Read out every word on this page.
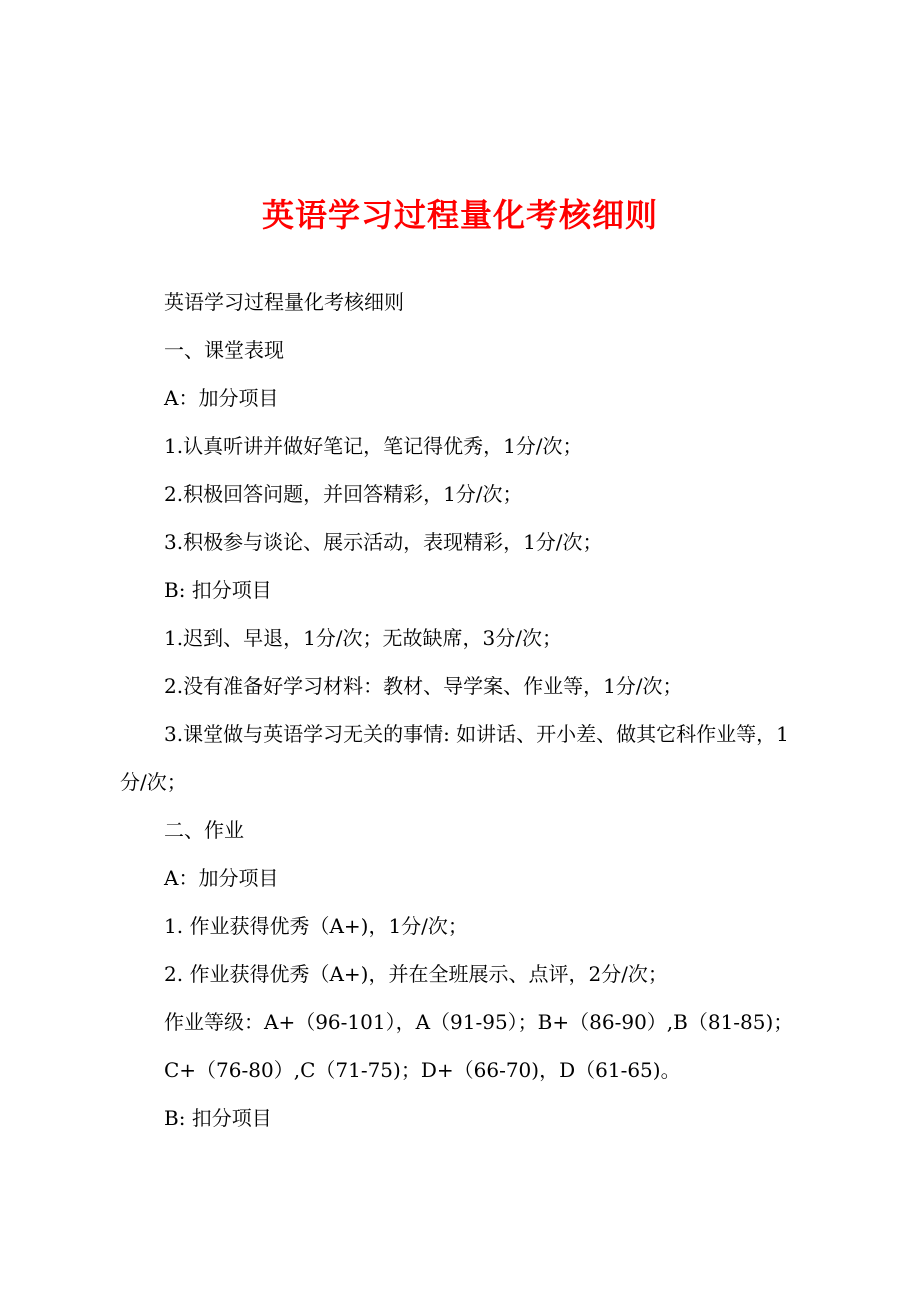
英语学习过程量化考核细则

英语学习过程量化考核细则

一、课堂表现

A：加分项目

1.认真听讲并做好笔记，笔记得优秀，1分/次；

2.积极回答问题，并回答精彩，1分/次；

3.积极参与谈论、展示活动，表现精彩，1分/次；

B: 扣分项目

1.迟到、早退，1分/次；无故缺席，3分/次；

2.没有准备好学习材料：教材、导学案、作业等，1分/次；

3.课堂做与英语学习无关的事情: 如讲话、开小差、做其它科作业等，1分/次；

二、作业

A：加分项目

1. 作业获得优秀（A+)，1分/次；

2. 作业获得优秀（A+)，并在全班展示、点评，2分/次；

作业等级：A+（96-101），A（91-95）；B+（86-90）,B（81-85)；

C+（76-80）,C（71-75)；D+（66-70)，D（61-65)。

B: 扣分项目
